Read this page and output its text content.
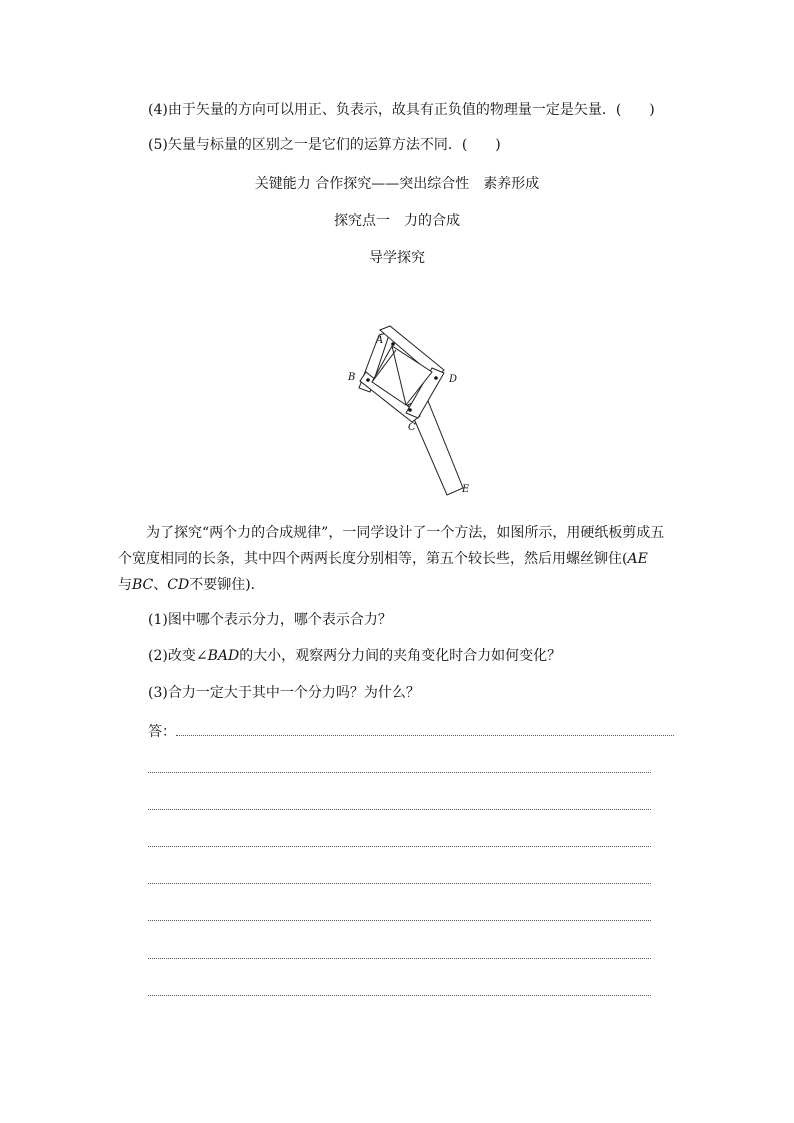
(4)由于矢量的方向可以用正、负表示，故具有正负值的物理量一定是矢量．(　　)
(5)矢量与标量的区别之一是它们的运算方法不同．(　　)
关键能力 合作探究——突出综合性　素养形成
探究点一　力的合成
导学探究
A
B	D
C
E
为了探究“两个力的合成规律”，一同学设计了一个方法，如图所示，用硬纸板剪成五个宽度相同的长条，其中四个两两长度分别相等，第五个较长些，然后用螺丝铆住(AE
与BC、CD不要铆住)．
(1)图中哪个表示分力，哪个表示合力？
(2)改变∠BAD的大小，观察两分力间的夹角变化时合力如何变化？
(3)合力一定大于其中一个分力吗？为什么？
答：
